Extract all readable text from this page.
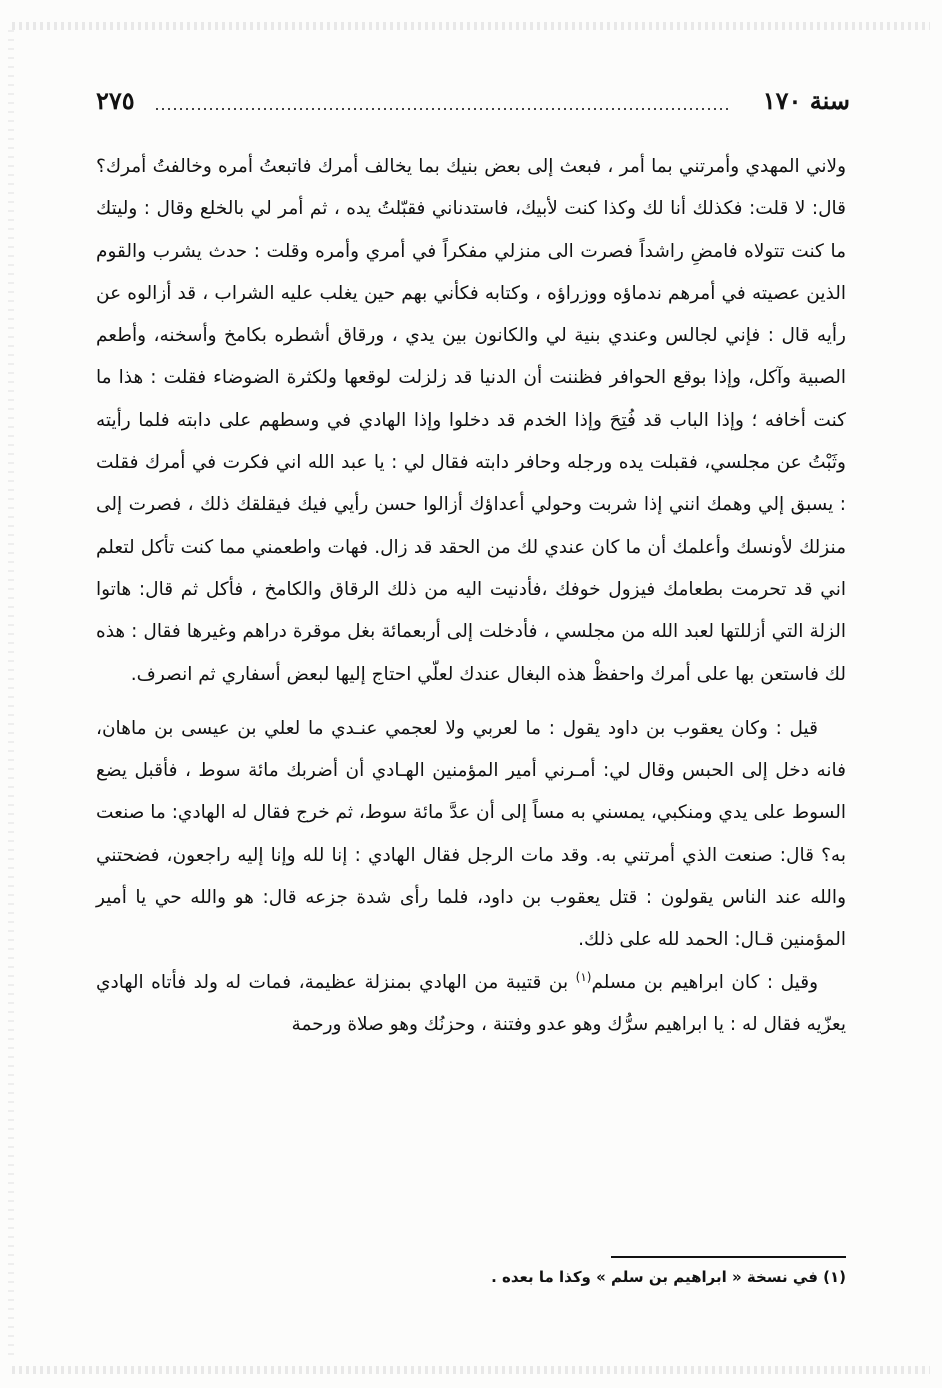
٢٧٥	سنة ١٧٠

ولاني المهدي وأمرتني بما أمر ، فبعث إلى بعض بنيك بما يخالف أمرك فاتبعتُ أمره وخالفتُ أمرك؟ قال: لا قلت: فكذلك أنا لك وكذا كنت لأبيك، فاستدناني فقبّلتُ يده ، ثم أمر لي بالخلع وقال : وليتك ما كنت تتولاه فامضِ راشداً فصرت الى منزلي مفكراً في أمري وأمره وقلت : حدث يشرب والقوم الذين عصيته في أمرهم ندماؤه ووزراؤه ، وكتابه فكأني بهم حين يغلب عليه الشراب ، قد أزالوه عن رأيه قال : فإني لجالس وعندي بنية لي والكانون بين يدي ، ورقاق أشطره بكامخ وأسخنه، وأطعم الصبية وآكل، وإذا بوقع الحوافر فظننت أن الدنيا قد زلزلت لوقعها ولكثرة الضوضاء فقلت : هذا ما كنت أخافه ؛ وإذا الباب قد فُتِحَ وإذا الخدم قد دخلوا وإذا الهادي في وسطهم على دابته فلما رأيته وثَبْتُ عن مجلسي، فقبلت يده ورجله وحافر دابته فقال لي : يا عبد الله اني فكرت في أمرك فقلت : يسبق إلي وهمك انني إذا شربت وحولي أعداؤك أزالوا حسن رأيي فيك فيقلقك ذلك ، فصرت إلى منزلك لأونسك وأعلمك أن ما كان عندي لك من الحقد قد زال. فهات واطعمني مما كنت تأكل لتعلم اني قد تحرمت بطعامك فيزول خوفك ،فأدنيت اليه من ذلك الرقاق والكامخ ، فأكل ثم قال: هاتوا الزلة التي أزللتها لعبد الله من مجلسي ، فأدخلت إلى أربعمائة بغل موقرة دراهم وغيرها فقال : هذه لك فاستعن بها على أمرك واحفظْ هذه البغال عندك لعلّي احتاج إليها لبعض أسفاري ثم انصرف.

قيل : وكان يعقوب بن داود يقول : ما لعربي ولا لعجمي عنـدي ما لعلي بن عيسى بن ماهان، فانه دخل إلى الحبس وقال لي: أمـرني أمير المؤمنين الهـادي أن أضربك مائة سوط ، فأقبل يضع السوط على يدي ومنكبي، يمسني به مساً إلى أن عدَّ مائة سوط، ثم خرج فقال له الهادي: ما صنعت به؟ قال: صنعت الذي أمرتني به. وقد مات الرجل فقال الهادي : إنا لله وإنا إليه راجعون، فضحتني والله عند الناس يقولون : قتل يعقوب بن داود، فلما رأى شدة جزعه قال: هو والله حي يا أمير المؤمنين قـال: الحمد لله على ذلك.

وقيل : كان ابراهيم بن مسلم$^{(١)}$ بن قتيبة من الهادي بمنزلة عظيمة، فمات له ولد فأتاه الهادي يعزّيه فقال له : يا ابراهيم سرُّك وهو عدو وفتنة ، وحزنُك وهو صلاة ورحمة

(١) في نسخة « ابراهيم بن سلم » وكذا ما بعده .
